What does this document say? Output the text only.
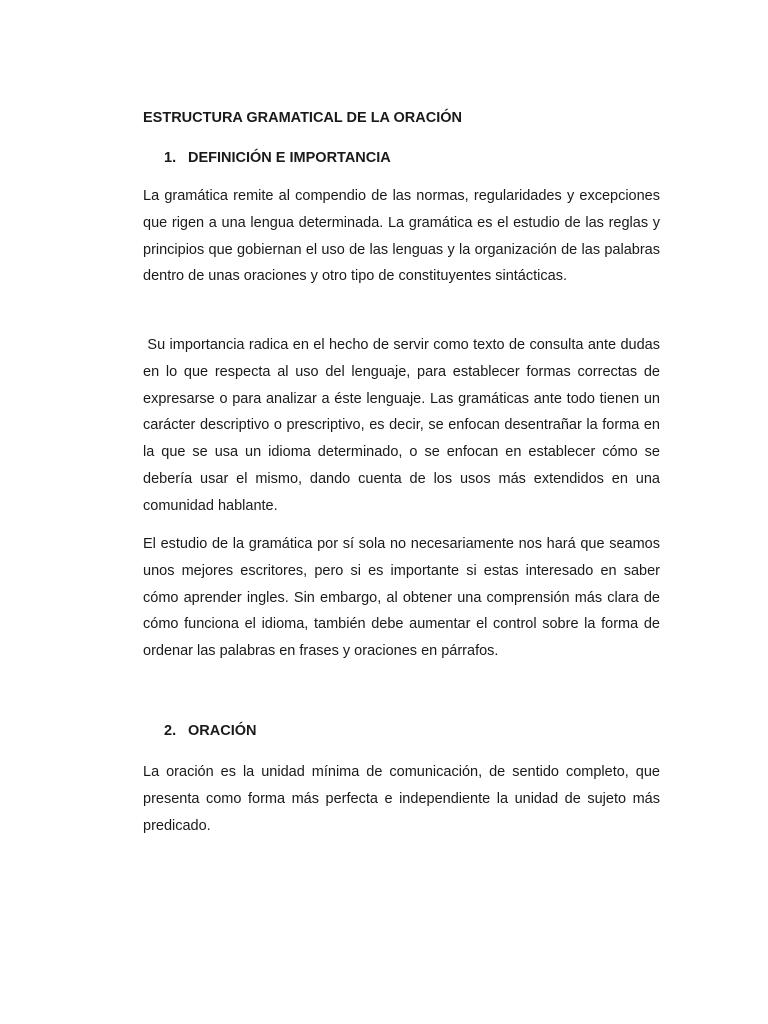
ESTRUCTURA GRAMATICAL DE LA ORACIÓN
1. DEFINICIÓN E IMPORTANCIA

La gramática remite al compendio de las normas, regularidades y excepciones que rigen a una lengua determinada. La gramática es el estudio de las reglas y principios que gobiernan el uso de las lenguas y la organización de las palabras dentro de unas oraciones y otro tipo de constituyentes sintácticas.

Su importancia radica en el hecho de servir como texto de consulta ante dudas en lo que respecta al uso del lenguaje, para establecer formas correctas de expresarse o para analizar a éste lenguaje. Las gramáticas ante todo tienen un carácter descriptivo o prescriptivo, es decir, se enfocan desentrañar la forma en la que se usa un idioma determinado, o se enfocan en establecer cómo se debería usar el mismo, dando cuenta de los usos más extendidos en una comunidad hablante.

El estudio de la gramática por sí sola no necesariamente nos hará que seamos unos mejores escritores, pero si es importante si estas interesado en saber cómo aprender ingles. Sin embargo, al obtener una comprensión más clara de cómo funciona el idioma, también debe aumentar el control sobre la forma de ordenar las palabras en frases y oraciones en párrafos.

2. ORACIÓN

La oración es la unidad mínima de comunicación, de sentido completo, que presenta como forma más perfecta e independiente la unidad de sujeto más predicado.
